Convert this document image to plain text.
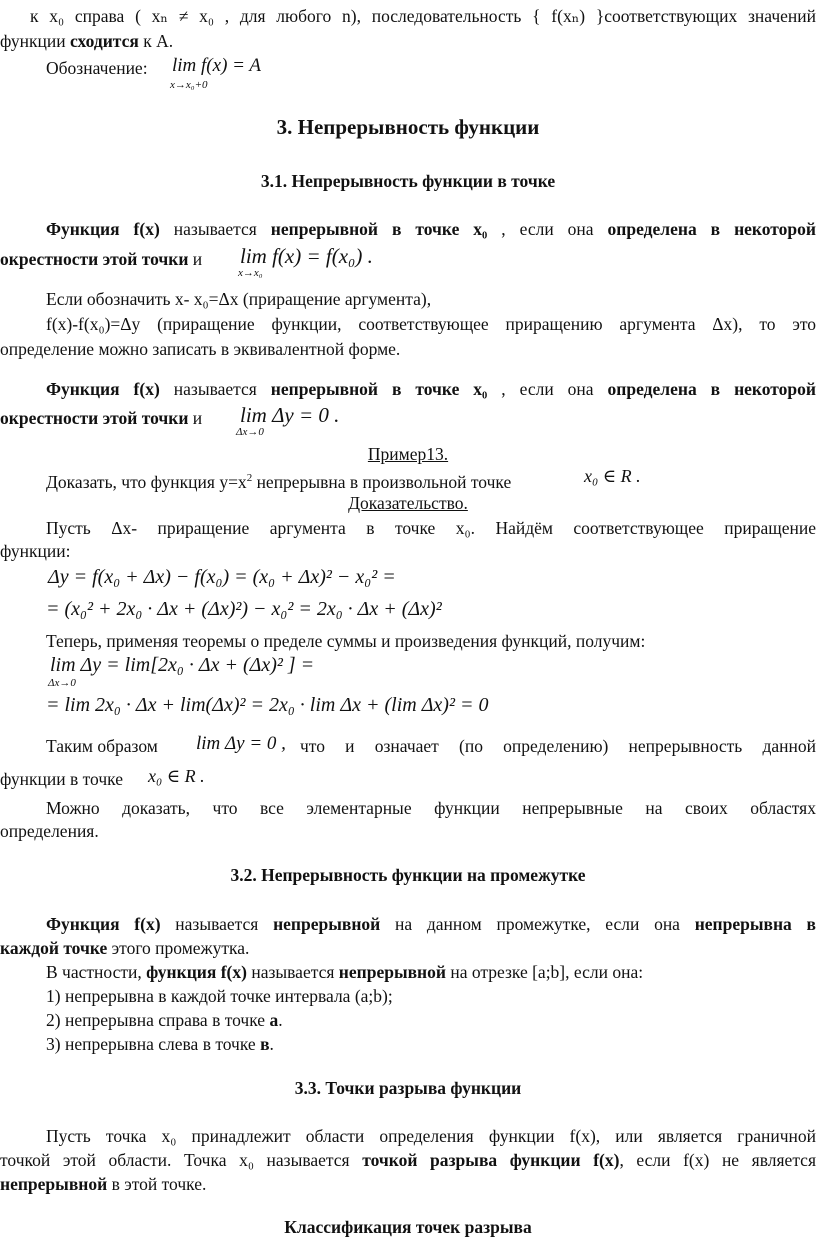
к x₀ справа ( xₙ ≠ x₀ , для любого n), последовательность { f(xₙ) }соответствующих значений
функции сходится к A.
Обозначение: lim f(x) = A
x→x₀+0
3. Непрерывность функции
3.1. Непрерывность функции в точке
Функция f(x) называется непрерывной в точке x₀ , если она определена в некоторой
окрестности этой точки и lim f(x) = f(x₀) .
x→x₀
Если обозначить x- x₀=Δx (приращение аргумента),
f(x)-f(x₀)=Δy (приращение функции, соответствующее приращению аргумента Δx), то это
определение можно записать в эквивалентной форме.
Функция f(x) называется непрерывной в точке x₀ , если она определена в некоторой
окрестности этой точки и lim Δy = 0 .
Δx→0
Пример13.
Доказать, что функция $y=x^2$ непрерывна в произвольной точке	x₀ ∈ R .
Доказательство.
Пусть Δx- приращение аргумента в точке x₀. Найдём соответствующее приращение
функции:
Δy = f(x₀ + Δx) − f(x₀) = (x₀ + Δx)² − x₀² =
= (x₀² + 2x₀ · Δx + (Δx)²) − x₀² = 2x₀ · Δx + (Δx)²
Теперь, применяя теоремы о пределе суммы и произведения функций, получим:
lim Δy = lim[2x₀ · Δx + (Δx)² ] =
Δx→0
= lim 2x₀ · Δx + lim(Δx)² = 2x₀ · lim Δx + (lim Δx)² = 0
Таким образом lim Δy = 0 , что и означает (по определению) непрерывность данной
функции в точке x₀ ∈ R .
Можно доказать, что все элементарные функции непрерывные на своих областях
определения.
3.2. Непрерывность функции на промежутке
Функция f(x) называется непрерывной на данном промежутке, если она непрерывна в
каждой точке этого промежутка.
В частности, функция f(x) называется непрерывной на отрезке [a;b], если она:
1) непрерывна в каждой точке интервала (a;b);
2) непрерывна справа в точке a.
3) непрерывна слева в точке в.
3.3. Точки разрыва функции
Пусть точка x₀ принадлежит области определения функции f(x), или является граничной
точкой этой области. Точка x₀ называется точкой разрыва функции f(x), если f(x) не является
непрерывной в этой точке.
Классификация точек разрыва
